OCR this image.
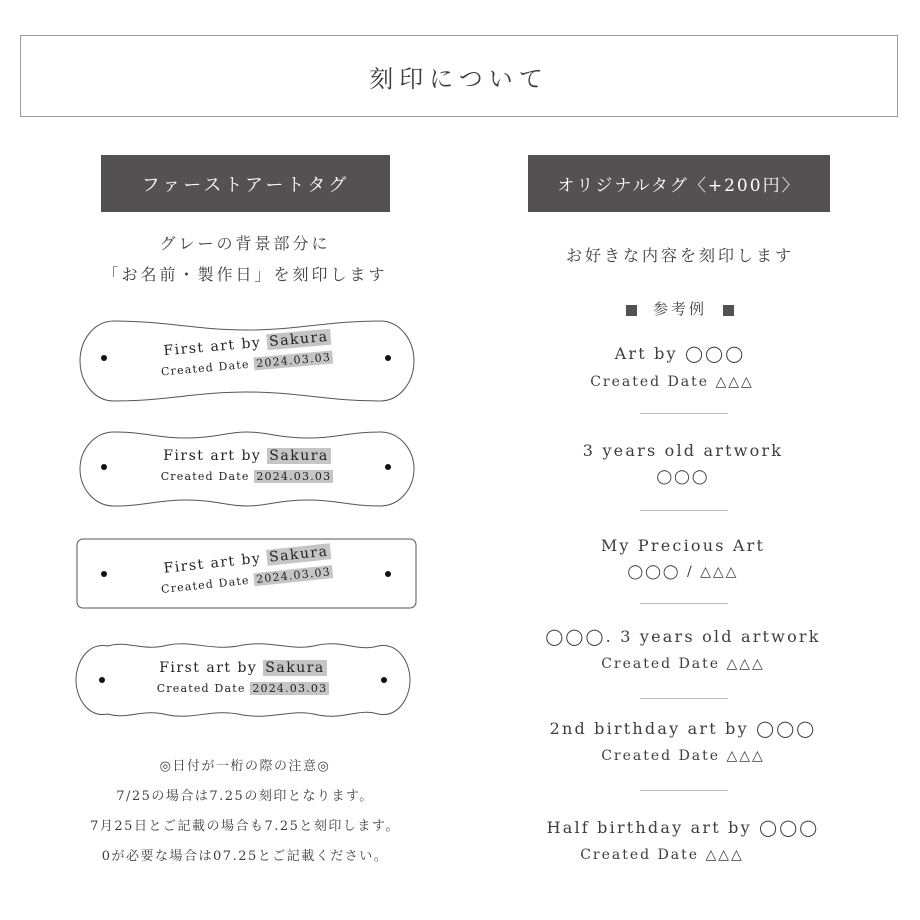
刻印について
ファーストアートタグ
グレーの背景部分に
「お名前・製作日」を刻印します
First art by Sakura
Created Date 2024.03.03
First art by Sakura
Created Date 2024.03.03
First art by Sakura
Created Date 2024.03.03
First art by Sakura
Created Date 2024.03.03
◎日付が一桁の際の注意◎
7/25の場合は7.25の刻印となります。
7月25日とご記載の場合も7.25と刻印します。
0が必要な場合は07.25とご記載ください。
オリジナルタグ〈+200円〉
お好きな内容を刻印します
参考例
Art by ◯◯◯
Created Date △△△
3 years old artwork
◯◯◯
My Precious Art
◯◯◯ / △△△
◯◯◯. 3 years old artwork
Created Date △△△
2nd birthday art by ◯◯◯
Created Date △△△
Half birthday art by ◯◯◯
Created Date △△△
